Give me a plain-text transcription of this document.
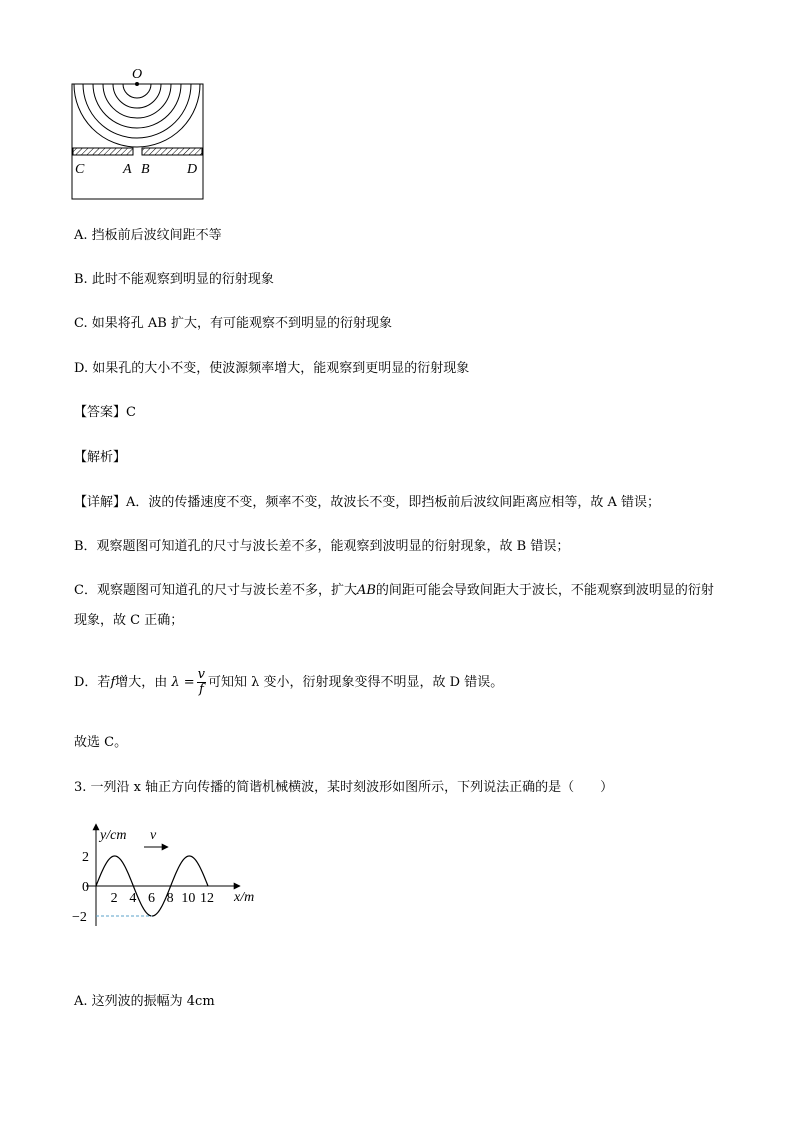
O
C	A B	D
A. 挡板前后波纹间距不等
B. 此时不能观察到明显的衍射现象
C. 如果将孔 AB 扩大，有可能观察不到明显的衍射现象
D. 如果孔的大小不变，使波源频率增大，能观察到更明显的衍射现象
【答案】C
【解析】
【详解】A．波的传播速度不变，频率不变，故波长不变，即挡板前后波纹间距离应相等，故 A 错误；
B．观察题图可知道孔的尺寸与波长差不多，能观察到波明显的衍射现象，故 B 错误；
C．观察题图可知道孔的尺寸与波长差不多，扩大AB的间距可能会导致间距大于波长，不能观察到波明显的衍射现象，故 C 正确；
D．若f增大，由 $\lambda = \frac{v}{f}$ 可知知 λ 变小，衍射现象变得不明显，故 D 错误。
故选 C。
3. 一列沿 x 轴正方向传播的简谐机械横波，某时刻波形如图所示，下列说法正确的是（　　）
y/cm
x/m
v
2 4 6 8 10 12
2
0
−2
A. 这列波的振幅为 4cm
